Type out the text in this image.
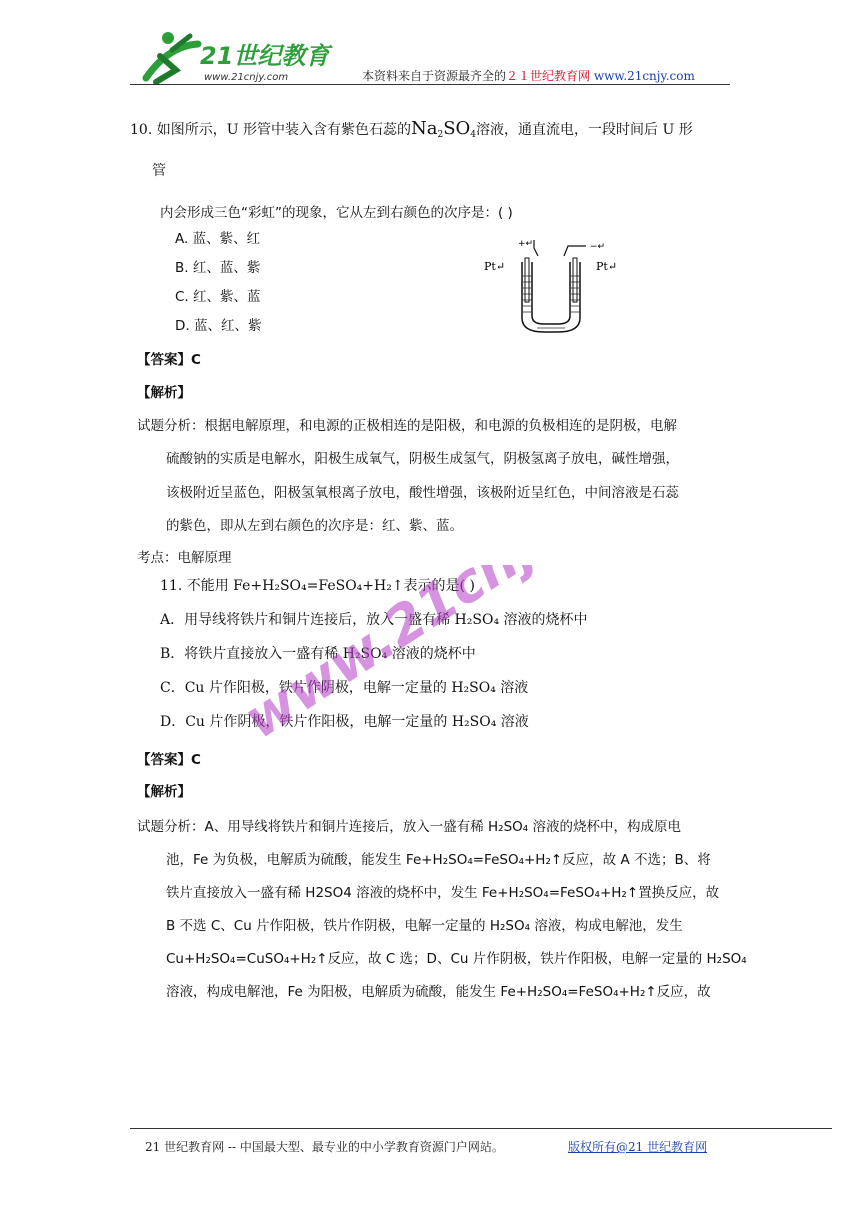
21世纪教育
www.21cnjy.com	本资料来自于资源最齐全的２１世纪教育网 www.21cnjy.com
10. 如图所示，U 形管中装入含有紫色石蕊的$Na_2SO_4$溶液，通直流电，一段时间后 U 形
管
内会形成三色“彩虹”的现象，它从左到右颜色的次序是：( )
A. 蓝、紫、红
B. 红、蓝、紫
C. 红、紫、蓝
D. 蓝、红、紫
+↵	−↵
Pt↵	Pt↵
【答案】C
【解析】
试题分析：根据电解原理，和电源的正极相连的是阳极，和电源的负极相连的是阴极，电解
硫酸钠的实质是电解水，阳极生成氧气，阴极生成氢气，阴极氢离子放电，碱性增强，
该极附近呈蓝色，阳极氢氧根离子放电，酸性增强，该极附近呈红色，中间溶液是石蕊
的紫色，即从左到右颜色的次序是：红、紫、蓝。
考点：电解原理
11. 不能用 Fe+H₂SO₄=FeSO₄+H₂↑表示的是( )
A．用导线将铁片和铜片连接后，放入一盛有稀 H₂SO₄ 溶液的烧杯中
B．将铁片直接放入一盛有稀 H₂SO₄ 溶液的烧杯中
C．Cu 片作阳极，铁片作阴极，电解一定量的 H₂SO₄ 溶液
D．Cu 片作阴极，铁片作阳极，电解一定量的 H₂SO₄ 溶液
【答案】C
【解析】
试题分析：A、用导线将铁片和铜片连接后，放入一盛有稀 H₂SO₄ 溶液的烧杯中，构成原电
池，Fe 为负极，电解质为硫酸，能发生 Fe+H₂SO₄=FeSO₄+H₂↑反应，故 A 不选；B、将
铁片直接放入一盛有稀 H2SO4 溶液的烧杯中，发生 Fe+H₂SO₄=FeSO₄+H₂↑置换反应，故
B 不选 C、Cu 片作阳极，铁片作阴极，电解一定量的 H₂SO₄ 溶液，构成电解池，发生
Cu+H₂SO₄=CuSO₄+H₂↑反应，故 C 选；D、Cu 片作阴极，铁片作阳极，电解一定量的 H₂SO₄
溶液，构成电解池，Fe 为阳极，电解质为硫酸，能发生 Fe+H₂SO₄=FeSO₄+H₂↑反应，故
www.21cnjy.com
21 世纪教育网 -- 中国最大型、最专业的中小学教育资源门户网站。	版权所有@21 世纪教育网
